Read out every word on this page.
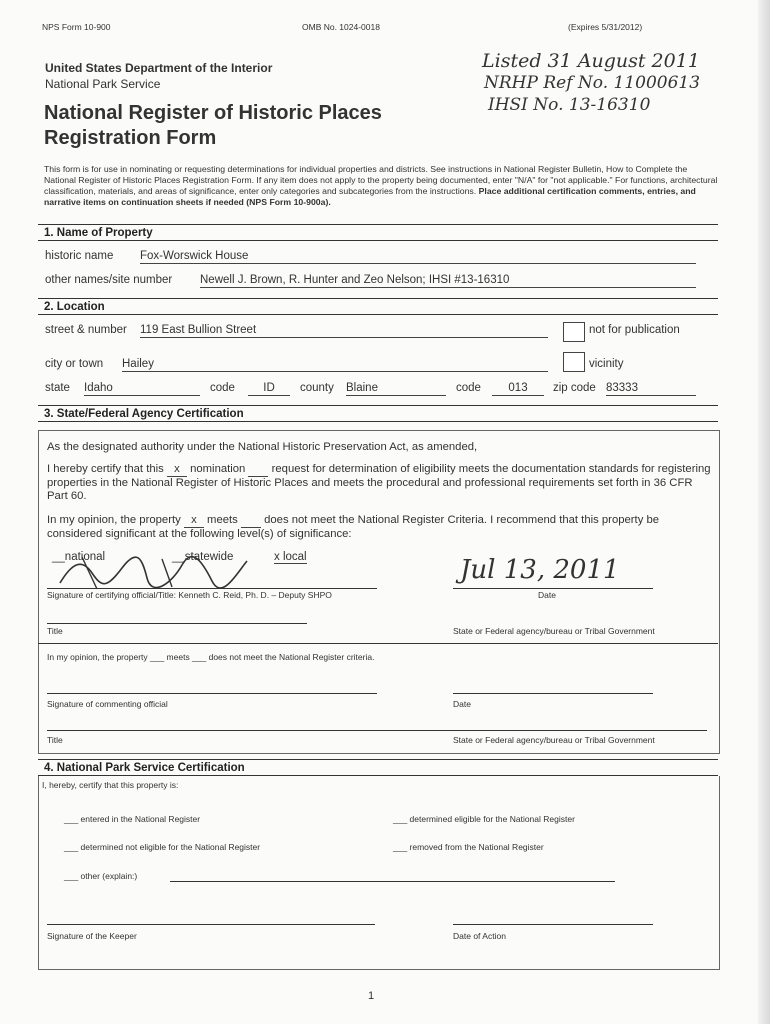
NPS Form 10-900	OMB No. 1024-0018	(Expires 5/31/2012)
United States Department of the Interior
National Park Service
Listed 31 August 2011
NRHP Ref No. 11000613
IHSI No. 13-16310
National Register of Historic Places
Registration Form
This form is for use in nominating or requesting determinations for individual properties and districts. See instructions in National Register Bulletin, How to Complete the National Register of Historic Places Registration Form. If any item does not apply to the property being documented, enter "N/A" for "not applicable." For functions, architectural classification, materials, and areas of significance, enter only categories and subcategories from the instructions. Place additional certification comments, entries, and narrative items on continuation sheets if needed (NPS Form 10-900a).
1. Name of Property
historic name Fox-Worswick House
other names/site number Newell J. Brown, R. Hunter and Zeo Nelson; IHSI #13-16310
2. Location
street & number 119 East Bullion Street	not for publication
city or town Hailey	vicinity
state Idaho	code	ID	county Blaine	code	013	zip code 83333
3. State/Federal Agency Certification
As the designated authority under the National Historic Preservation Act, as amended,
I hereby certify that this x nomination request for determination of eligibility meets the documentation standards for registering properties in the National Register of Historic Places and meets the procedural and professional requirements set forth in 36 CFR Part 60.
In my opinion, the property x meets does not meet the National Register Criteria. I recommend that this property be considered significant at the following level(s) of significance:
__national	__statewide	x local	Jul 13, 2011
Signature of certifying official/Title: Kenneth C. Reid, Ph. D. – Deputy SHPO	Date
Title	State or Federal agency/bureau or Tribal Government
In my opinion, the property ___ meets ___ does not meet the National Register criteria.
Signature of commenting official	Date
Title	State or Federal agency/bureau or Tribal Government
4. National Park Service Certification
I, hereby, certify that this property is:
___ entered in the National Register	___ determined eligible for the National Register
___ determined not eligible for the National Register	___ removed from the National Register
___ other (explain:)
Signature of the Keeper	Date of Action
1
